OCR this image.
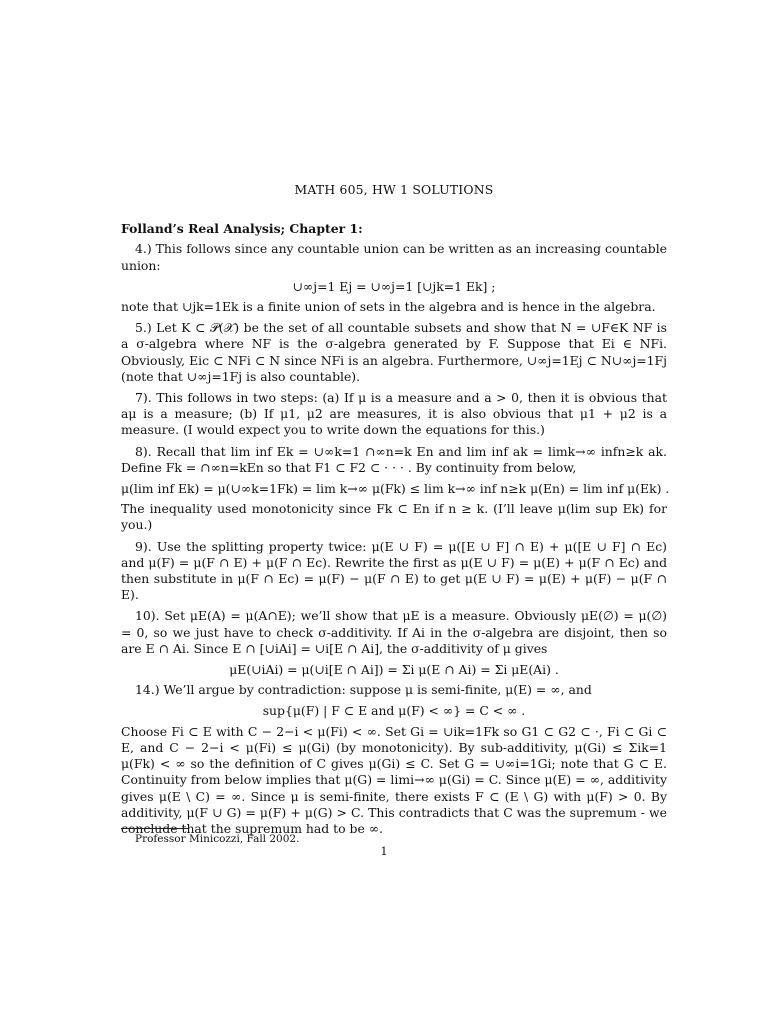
MATH 605, HW 1 SOLUTIONS
Folland’s Real Analysis; Chapter 1:
4.) This follows since any countable union can be written as an increasing countable union:
∪∞j=1 Ej = ∪∞j=1 [∪jk=1 Ek] ;
note that ∪jk=1Ek is a finite union of sets in the algebra and is hence in the algebra.
5.) Let K ⊂ 𝒫(𝒳) be the set of all countable subsets and show that N = ∪F∈K NF is a σ-algebra where NF is the σ-algebra generated by F. Suppose that Ei ∈ NFi. Obviously, Eic ⊂ NFi ⊂ N since NFi is an algebra. Furthermore, ∪∞j=1Ej ⊂ N∪∞j=1Fj (note that ∪∞j=1Fj is also countable).
7). This follows in two steps: (a) If μ is a measure and a > 0, then it is obvious that aμ is a measure; (b) If μ1, μ2 are measures, it is also obvious that μ1 + μ2 is a measure. (I would expect you to write down the equations for this.)
8). Recall that lim inf Ek = ∪∞k=1 ∩∞n=k En and lim inf ak = limk→∞ infn≥k ak. Define Fk = ∩∞n=kEn so that F1 ⊂ F2 ⊂ · · · . By continuity from below,
μ(lim inf Ek) = μ(∪∞k=1Fk) = lim k→∞ μ(Fk) ≤ lim k→∞ inf n≥k μ(En) = lim inf μ(Ek) .
The inequality used monotonicity since Fk ⊂ En if n ≥ k. (I’ll leave μ(lim sup Ek) for you.)
9). Use the splitting property twice: μ(E ∪ F) = μ([E ∪ F] ∩ E) + μ([E ∪ F] ∩ Ec) and μ(F) = μ(F ∩ E) + μ(F ∩ Ec). Rewrite the first as μ(E ∪ F) = μ(E) + μ(F ∩ Ec) and then substitute in μ(F ∩ Ec) = μ(F) − μ(F ∩ E) to get μ(E ∪ F) = μ(E) + μ(F) − μ(F ∩ E).
10). Set μE(A) = μ(A∩E); we’ll show that μE is a measure. Obviously μE(∅) = μ(∅) = 0, so we just have to check σ-additivity. If Ai in the σ-algebra are disjoint, then so are E ∩ Ai. Since E ∩ [∪iAi] = ∪i[E ∩ Ai], the σ-additivity of μ gives
μE(∪iAi) = μ(∪i[E ∩ Ai]) = Σi μ(E ∩ Ai) = Σi μE(Ai) .
14.) We’ll argue by contradiction: suppose μ is semi-finite, μ(E) = ∞, and
sup{μ(F) | F ⊂ E and μ(F) < ∞} = C < ∞ .
Choose Fi ⊂ E with C − 2−i < μ(Fi) < ∞. Set Gi = ∪ik=1Fk so G1 ⊂ G2 ⊂ ·, Fi ⊂ Gi ⊂ E, and C − 2−i < μ(Fi) ≤ μ(Gi) (by monotonicity). By sub-additivity, μ(Gi) ≤ Σik=1 μ(Fk) < ∞ so the definition of C gives μ(Gi) ≤ C. Set G = ∪∞i=1Gi; note that G ⊂ E. Continuity from below implies that μ(G) = limi→∞ μ(Gi) = C. Since μ(E) = ∞, additivity gives μ(E \ C) = ∞. Since μ is semi-finite, there exists F ⊂ (E \ G) with μ(F) > 0. By additivity, μ(F ∪ G) = μ(F) + μ(G) > C. This contradicts that C was the supremum - we conclude that the supremum had to be ∞.
Professor Minicozzi, Fall 2002.
1
